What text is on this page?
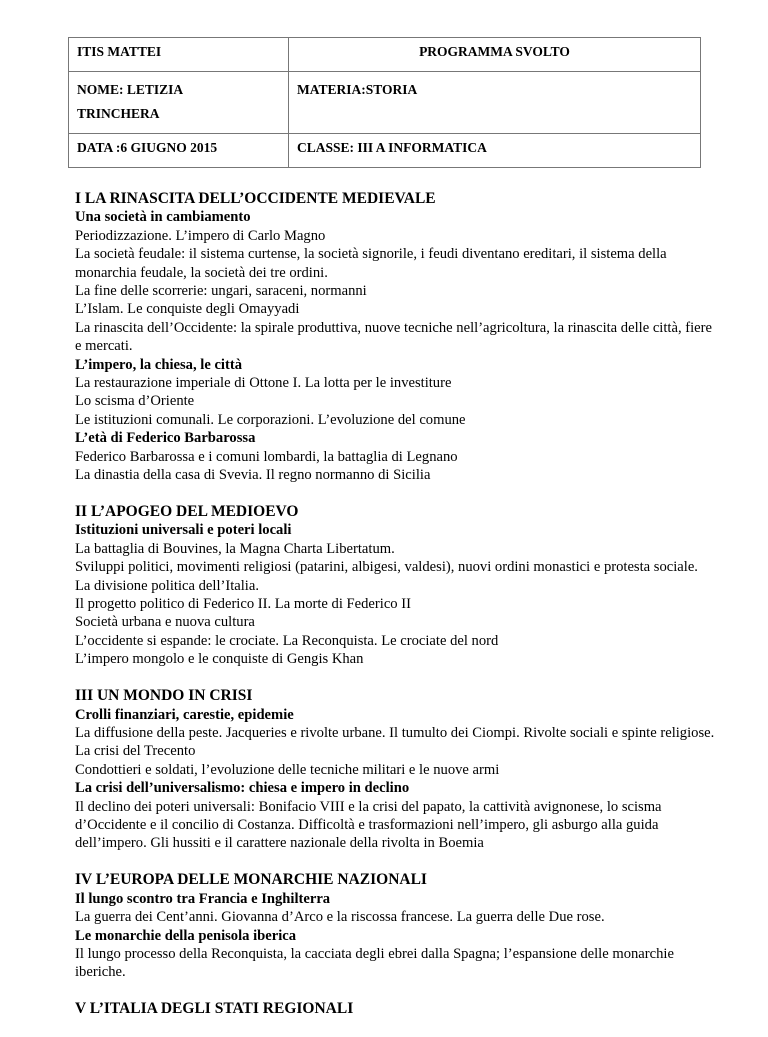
ITIS MATTEI	PROGRAMMA SVOLTO

NOME: LETIZIA
TRINCHERA	MATERIA:STORIA
DATA :6 GIUGNO 2015	CLASSE: III A INFORMATICA
I LA RINASCITA DELL’OCCIDENTE MEDIEVALE
Una società in cambiamento
Periodizzazione. L’impero di Carlo Magno
La società feudale: il sistema curtense, la società signorile, i feudi diventano ereditari, il sistema della monarchia feudale, la società dei tre ordini.
La fine delle scorrerie: ungari, saraceni, normanni
L’Islam. Le conquiste degli Omayyadi
La rinascita dell’Occidente: la spirale produttiva, nuove tecniche nell’agricoltura, la rinascita delle città, fiere e mercati.
L’impero, la chiesa, le città
La restaurazione imperiale di Ottone I. La lotta per le investiture
Lo scisma d’Oriente
Le istituzioni comunali. Le corporazioni. L’evoluzione del comune
L’età di Federico Barbarossa
Federico Barbarossa e i comuni lombardi, la battaglia di Legnano
La dinastia della casa di Svevia. Il regno normanno di Sicilia
II L’APOGEO DEL MEDIOEVO
Istituzioni universali e poteri locali
La battaglia di Bouvines, la Magna Charta Libertatum.
Sviluppi politici, movimenti religiosi (patarini, albigesi, valdesi), nuovi ordini monastici e protesta sociale. La divisione politica dell’Italia.
Il progetto politico di Federico II. La morte di Federico II
Società urbana e nuova cultura
L’occidente si espande: le crociate. La Reconquista. Le crociate del nord
L’impero mongolo e le conquiste di Gengis Khan
III UN MONDO IN CRISI
Crolli finanziari, carestie, epidemie
La diffusione della peste. Jacqueries e rivolte urbane. Il tumulto dei Ciompi. Rivolte sociali e spinte religiose. La crisi del Trecento
Condottieri e soldati, l’evoluzione delle tecniche militari e le nuove armi
La crisi dell’universalismo: chiesa e impero in declino
Il declino dei poteri universali: Bonifacio VIII e la crisi del papato, la cattività avignonese, lo scisma d’Occidente e il concilio di Costanza. Difficoltà e trasformazioni nell’impero, gli asburgo alla guida dell’impero. Gli hussiti e il carattere nazionale della rivolta in Boemia
IV L’EUROPA DELLE MONARCHIE NAZIONALI
Il lungo scontro tra Francia e Inghilterra
La guerra dei Cent’anni. Giovanna d’Arco e la riscossa francese. La guerra delle Due rose.
Le monarchie della penisola iberica
Il lungo processo della Reconquista, la cacciata degli ebrei dalla Spagna; l’espansione delle monarchie iberiche.
V L’ITALIA DEGLI STATI REGIONALI
